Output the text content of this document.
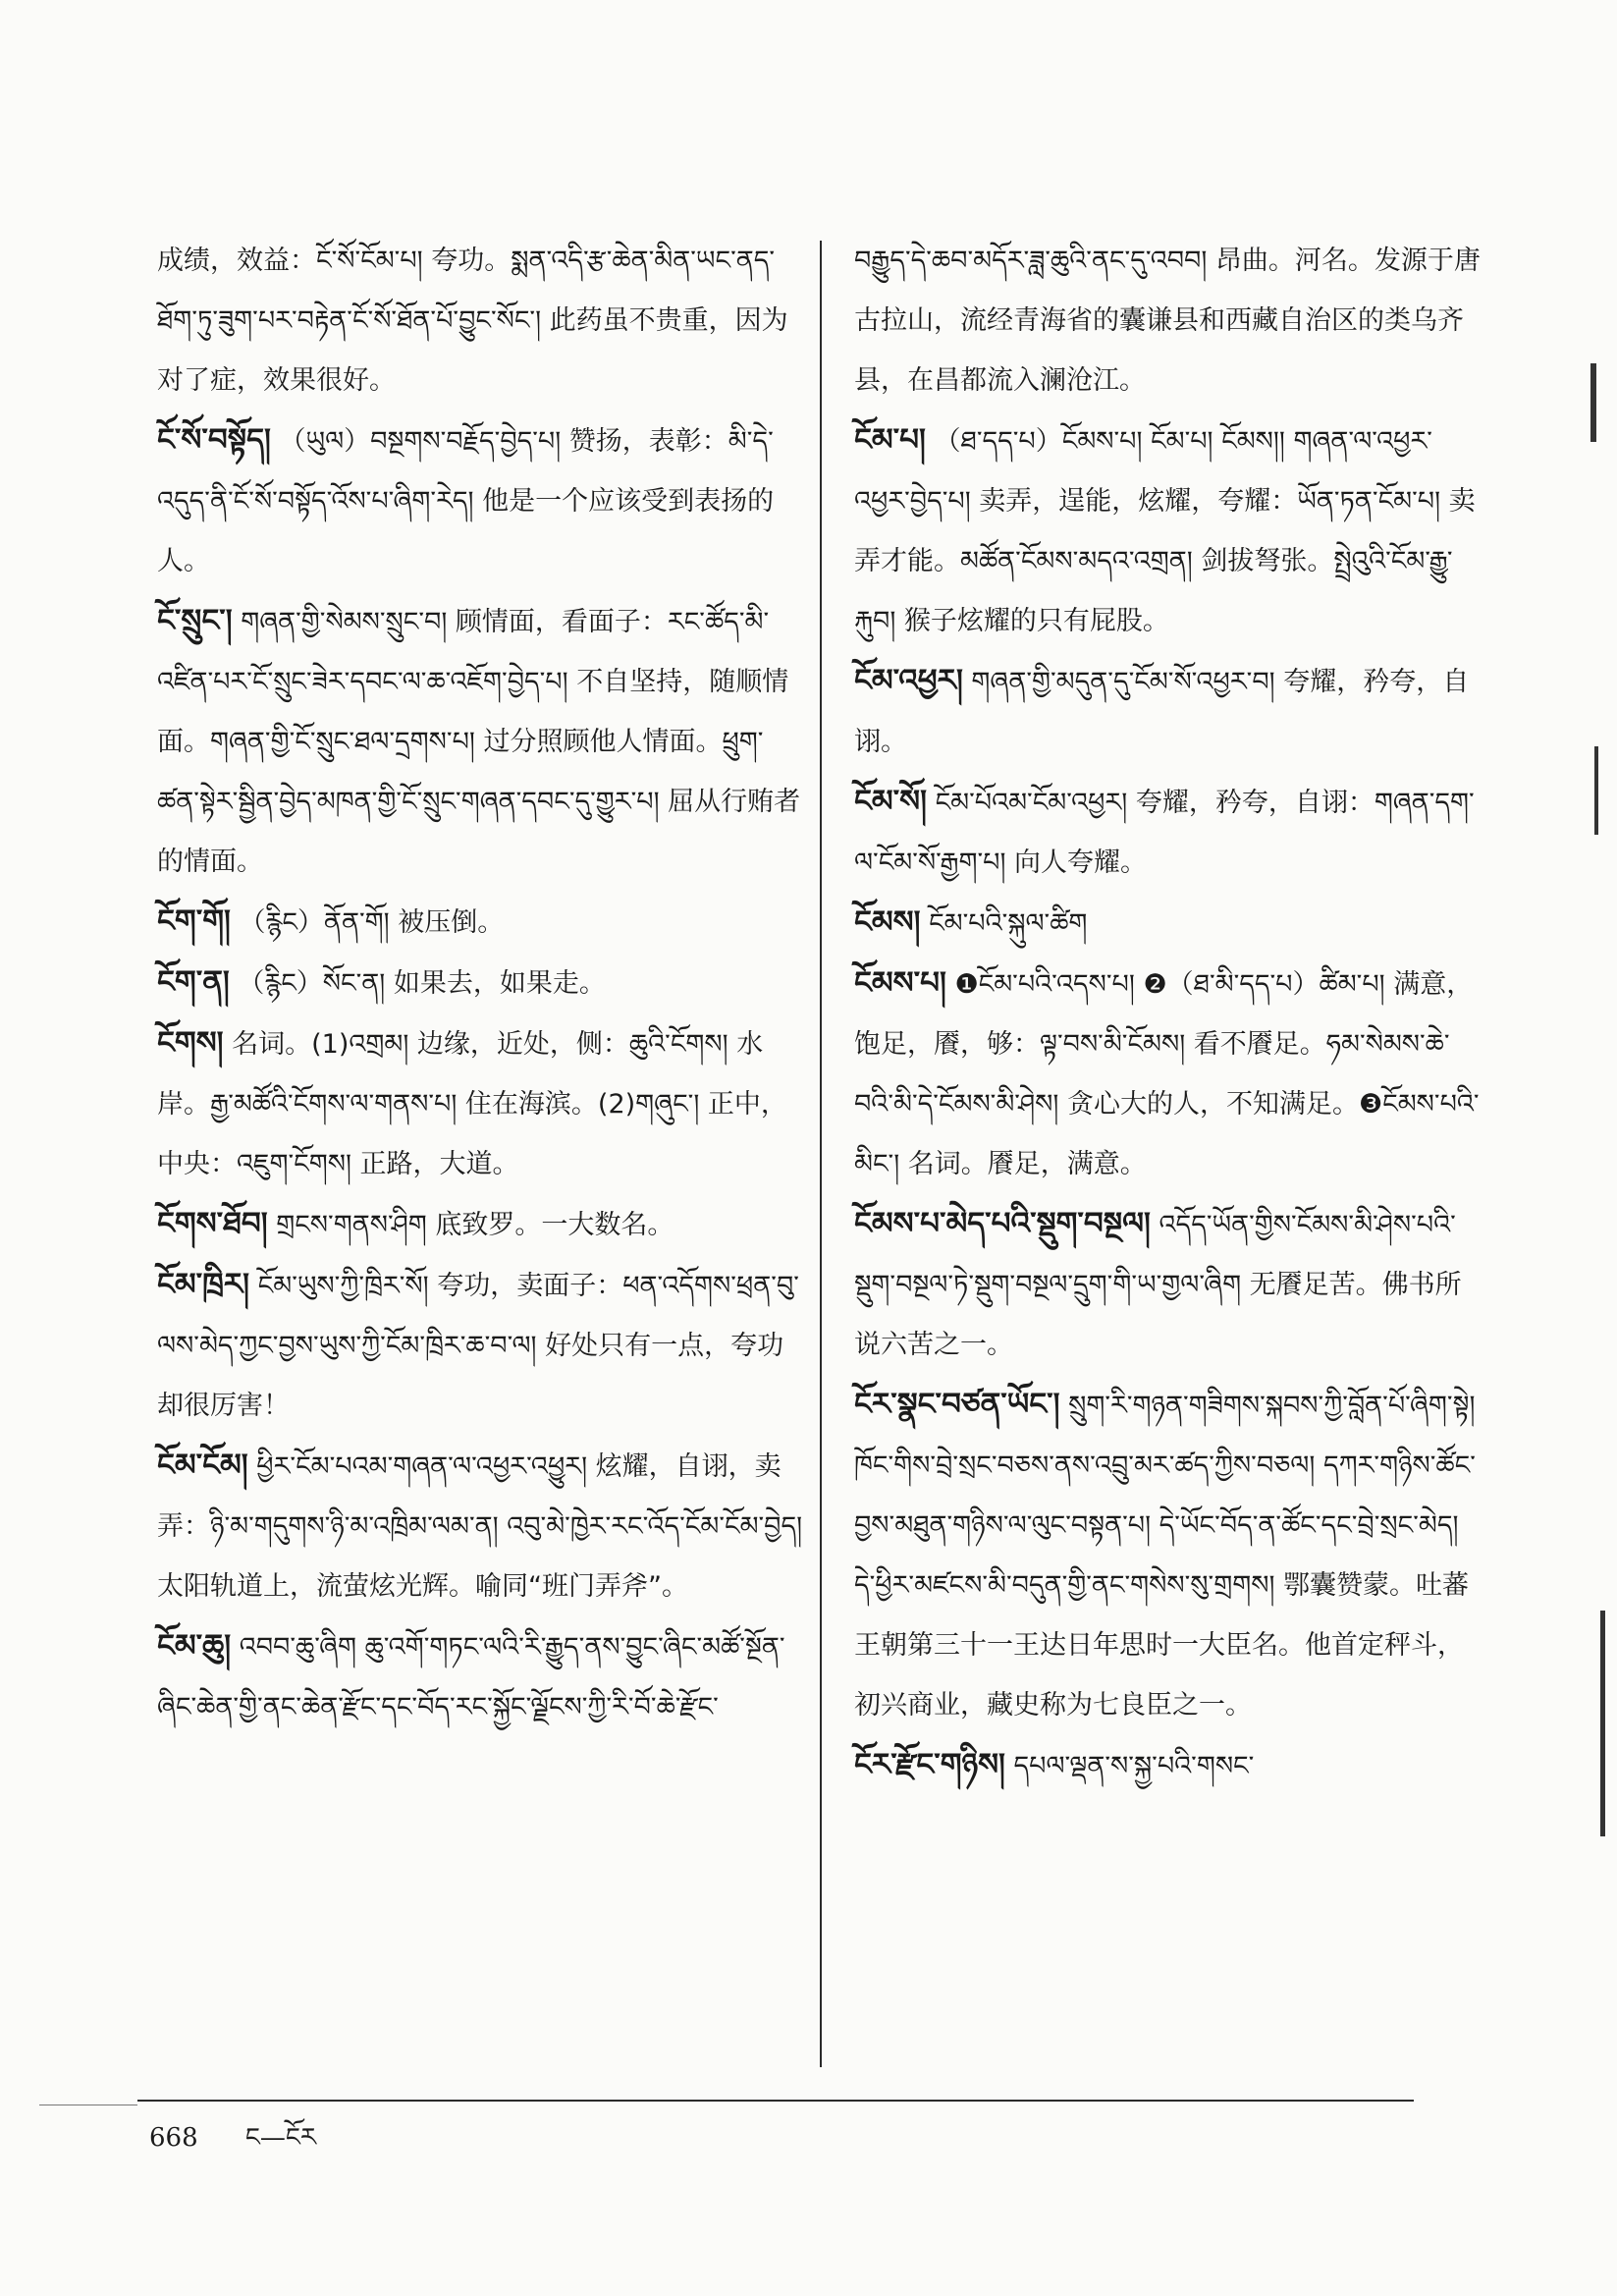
成绩，效益：ངོ་སོ་ངོམ་པ། 夸功。སྨན་འདི་རྩ་ཆེན་མིན་ཡང་ནད་ཐོག་ཏུ་ཟུག་པར་བརྟེན་ངོ་སོ་ཐོན་པོ་བྱུང་སོང་། 此药虽不贵重，因为对了症，效果很好。

ངོ་སོ་བསྟོད། （ཡུལ）བསྔགས་བརྗོད་བྱེད་པ། 赞扬，表彰：མི་དེ་འདུད་ནི་ངོ་སོ་བསྟོད་འོས་པ་ཞིག་རེད། 他是一个应该受到表扬的人。

ངོ་སྲུང་། གཞན་གྱི་སེམས་སྲུང་བ། 顾情面，看面子：རང་ཚོད་མི་འཛིན་པར་ངོ་སྲུང་ཟེར་དབང་ལ་ཆ་འཇོག་བྱེད་པ། 不自坚持，随顺情面。གཞན་གྱི་ངོ་སྲུང་ཐལ་དྲགས་པ། 过分照顾他人情面。ཕྲུག་ཚན་སྟེར་སྦྱིན་བྱེད་མཁན་གྱི་ངོ་སྲུང་གཞན་དབང་དུ་གྱུར་པ། 屈从行贿者的情面。

ངོག་གོ། （རྙིང）ནོན་གོ། 被压倒。

ངོག་ན། （རྙིང）སོང་ན། 如果去，如果走。

ངོགས། 名词。(1)འགྲམ། 边缘，近处，侧：ཆུའི་ངོགས། 水岸。རྒྱ་མཚོའི་ངོགས་ལ་གནས་པ། 住在海滨。(2)གཞུང་། 正中，中央：འཇུག་ངོགས། 正路，大道。

ངོགས་ཐོབ། གྲངས་གནས་ཤིག 底致罗。一大数名。

ངོམ་ཁྲིར། ངོམ་ཡུས་ཀྱི་ཁྲིར་སོ། 夸功，卖面子：ཕན་འདོགས་ཕྲན་བུ་ལས་མེད་ཀྱང་བྱས་ཡུས་ཀྱི་ངོམ་ཁྲིར་ཆ་བ་ལ། 好处只有一点，夸功却很厉害！

ངོམ་ངོམ། ཕྱིར་ངོམ་པའམ་གཞན་ལ་འཕྱར་འཕྱུར། 炫耀，自诩，卖弄：ཉི་མ་གདུགས་ཉི་མ་འཁྲིམ་ལམ་ན། འབུ་མེ་ཁྱེར་རང་འོད་ངོམ་ངོམ་བྱེད། 太阳轨道上，流萤炫光辉。喻同“班门弄斧”。

ངོམ་ཆུ། འབབ་ཆུ་ཞིག ཆུ་འགོ་གཏང་ལའི་རི་རྒྱུད་ནས་བྱུང་ཞིང་མཚོ་སྔོན་ཞིང་ཆེན་གྱི་ནང་ཆེན་རྫོང་དང་བོད་རང་སྐྱོང་ལྗོངས་ཀྱི་རི་བོ་ཆེ་རྫོང་

བརྒྱུད་དེ་ཆབ་མདོར་ཟླ་ཆུའི་ནང་དུ་འབབ། 昂曲。河名。发源于唐古拉山，流经青海省的囊谦县和西藏自治区的类乌齐县，在昌都流入澜沧江。

ངོམ་པ། （ཐ་དད་པ）ངོམས་པ། ངོམ་པ། ངོམས།། གཞན་ལ་འཕྱར་འཕྱར་བྱེད་པ། 卖弄，逞能，炫耀，夸耀：ཡོན་ཏན་ངོམ་པ། 卖弄才能。མཚོན་ངོམས་མདའ་འགྲན། 剑拔弩张。སྤྲེའུའི་ངོམ་རྒྱུ་རྐུབ། 猴子炫耀的只有屁股。

ངོམ་འཕྱར། གཞན་གྱི་མདུན་དུ་ངོམ་སོ་འཕྱར་བ། 夸耀，矜夸，自诩。

ངོམ་སོ། ངོམ་པོའམ་ངོམ་འཕྱར། 夸耀，矜夸，自诩：གཞན་དག་ལ་ངོམ་སོ་རྒྱག་པ། 向人夸耀。

ངོམས། ངོམ་པའི་སྐུལ་ཚིག

ངོམས་པ། ❶ངོམ་པའི་འདས་པ། ❷（ཐ་མི་དད་པ）ཚིམ་པ། 满意，饱足，餍，够：ལྟ་བས་མི་ངོམས། 看不餍足。ཧམ་སེམས་ཆེ་བའི་མི་དེ་ངོམས་མི་ཤེས། 贪心大的人，不知满足。❸ངོམས་པའི་མིང་། 名词。餍足，满意。

ངོམས་པ་མེད་པའི་སྡུག་བསྔལ། འདོད་ཡོན་གྱིས་ངོམས་མི་ཤེས་པའི་སྡུག་བསྔལ་ཏེ་སྡུག་བསྔལ་དྲུག་གི་ཡ་གྱལ་ཞིག 无餍足苦。佛书所说六苦之一。

ངོར་སྣང་བཙན་ཡོང་། སྲུག་རི་གཉན་གཟིགས་སྐབས་ཀྱི་བློན་པོ་ཞིག་སྟེ། ཁོང་གིས་བྲེ་སྲང་བཅས་ནས་འབྲུ་མར་ཚད་ཀྱིས་བཅལ། དཀར་གཉིས་ཚོང་བྱས་མཐུན་གཉིས་ལ་ལུང་བསྟན་པ། དེ་ཡོང་བོད་ན་ཚོང་དང་བྲེ་སྲང་མེད། དེ་ཕྱིར་མཛངས་མི་བདུན་གྱི་ནང་གསེས་སུ་གྲགས། 鄂囊赞蒙。吐蕃王朝第三十一王达日年思时一大臣名。他首定秤斗，初兴商业，藏史称为七良臣之一。

ངོར་རྫོང་གཉིས། དཔལ་ལྡན་ས་སྐྱ་པའི་གསང་

668 ང—ངོར
